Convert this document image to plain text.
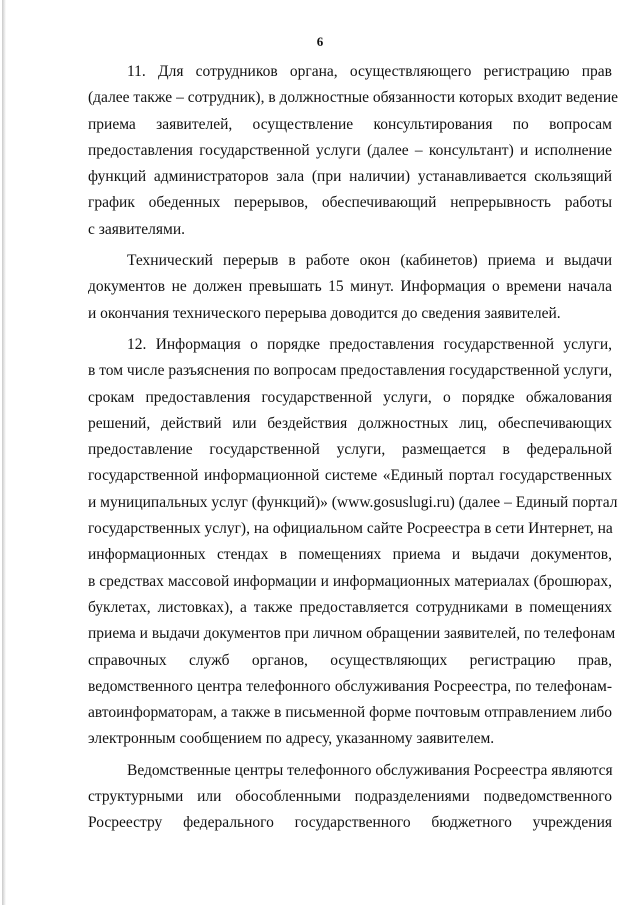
6
11. Для сотрудников органа, осуществляющего регистрацию прав
(далее также – сотрудник), в должностные обязанности которых входит ведение
приема заявителей, осуществление консультирования по вопросам
предоставления государственной услуги (далее – консультант) и исполнение
функций администраторов зала (при наличии) устанавливается скользящий
график обеденных перерывов, обеспечивающий непрерывность работы
с заявителями.
Технический перерыв в работе окон (кабинетов) приема и выдачи
документов не должен превышать 15 минут. Информация о времени начала
и окончания технического перерыва доводится до сведения заявителей.
12. Информация о порядке предоставления государственной услуги,
в том числе разъяснения по вопросам предоставления государственной услуги,
срокам предоставления государственной услуги, о порядке обжалования
решений, действий или бездействия должностных лиц, обеспечивающих
предоставление государственной услуги, размещается в федеральной
государственной информационной системе «Единый портал государственных
и муниципальных услуг (функций)» (www.gosuslugi.ru) (далее – Единый портал
государственных услуг), на официальном сайте Росреестра в сети Интернет, на
информационных стендах в помещениях приема и выдачи документов,
в средствах массовой информации и информационных материалах (брошюрах,
буклетах, листовках), а также предоставляется сотрудниками в помещениях
приема и выдачи документов при личном обращении заявителей, по телефонам
справочных служб органов, осуществляющих регистрацию прав,
ведомственного центра телефонного обслуживания Росреестра, по телефонам-
автоинформаторам, а также в письменной форме почтовым отправлением либо
электронным сообщением по адресу, указанному заявителем.
Ведомственные центры телефонного обслуживания Росреестра являются
структурными или обособленными подразделениями подведомственного
Росреестру федерального государственного бюджетного учреждения
